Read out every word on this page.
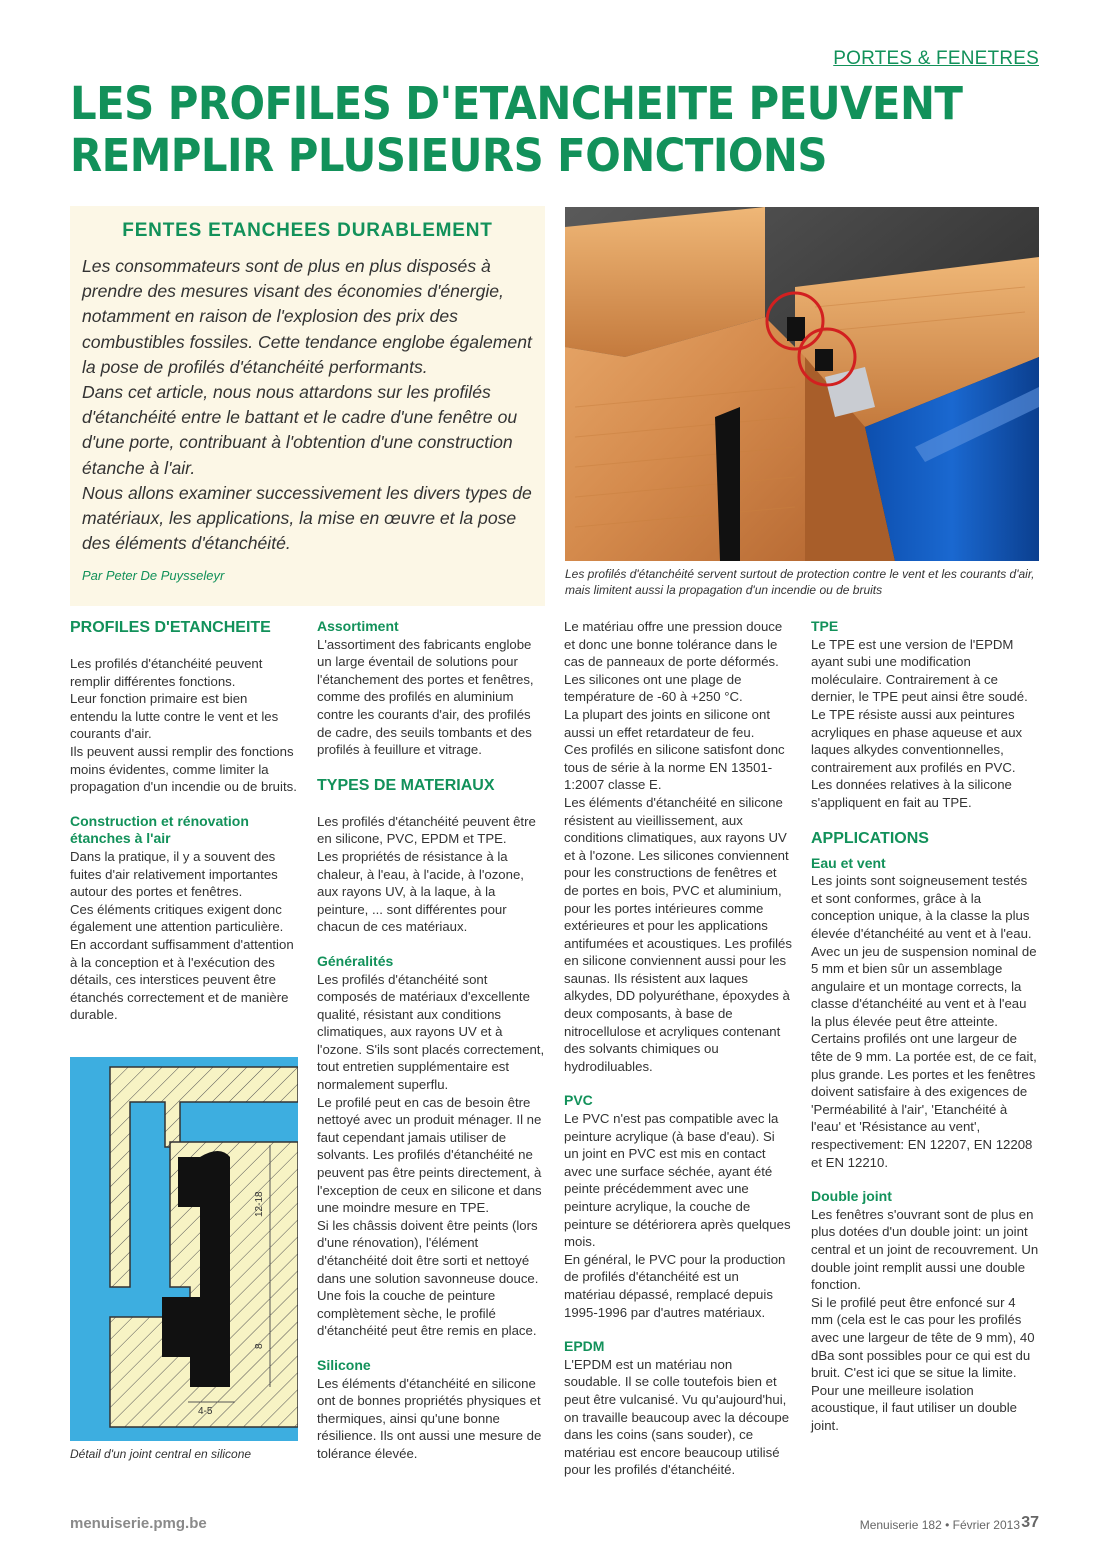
PORTES & FENETRES
LES PROFILES D'ETANCHEITE PEUVENT REMPLIR PLUSIEURS FONCTIONS
FENTES ETANCHEES DURABLEMENT

Les consommateurs sont de plus en plus disposés à prendre des mesures visant des économies d'énergie, notamment en raison de l'explosion des prix des combustibles fossiles. Cette tendance englobe également la pose de profilés d'étanchéité performants.

Dans cet article, nous nous attardons sur les profilés d'étanchéité entre le battant et le cadre d'une fenêtre ou d'une porte, contribuant à l'obtention d'une construction étanche à l'air.

Nous allons examiner successivement les divers types de matériaux, les applications, la mise en œuvre et la pose des éléments d'étanchéité.

Par Peter De Puysseleyr	Les profilés d'étanchéité servent surtout de protection contre le vent et les courants d'air, mais limitent aussi la propagation d'un incendie ou de bruits
PROFILES D'ETANCHEITE

Les profilés d'étanchéité peuvent remplir différentes fonctions.

Leur fonction primaire est bien entendu la lutte contre le vent et les courants d'air.

Ils peuvent aussi remplir des fonctions moins évidentes, comme limiter la propagation d'un incendie ou de bruits.

Construction et rénovation étanches à l'air

Dans la pratique, il y a souvent des fuites d'air relativement importantes autour des portes et fenêtres.

Ces éléments critiques exigent donc également une attention particulière.

En accordant suffisamment d'attention à la conception et à l'exécution des détails, ces interstices peuvent être étanchés correctement et de manière durable.

12-18
8
4-5
Détail d'un joint central en silicone
Assortiment

L'assortiment des fabricants englobe un large éventail de solutions pour l'étanchement des portes et fenêtres, comme des profilés en aluminium contre les courants d'air, des profilés de cadre, des seuils tombants et des profilés à feuillure et vitrage.

TYPES DE MATERIAUX

Les profilés d'étanchéité peuvent être en silicone, PVC, EPDM et TPE.

Les propriétés de résistance à la chaleur, à l'eau, à l'acide, à l'ozone, aux rayons UV, à la laque, à la peinture, ... sont différentes pour chacun de ces matériaux.

Généralités

Les profilés d'étanchéité sont composés de matériaux d'excellente qualité, résistant aux conditions climatiques, aux rayons UV et à l'ozone. S'ils sont placés correctement, tout entretien supplémentaire est normalement superflu.

Le profilé peut en cas de besoin être nettoyé avec un produit ménager. Il ne faut cependant jamais utiliser de solvants. Les profilés d'étanchéité ne peuvent pas être peints directement, à l'exception de ceux en silicone et dans une moindre mesure en TPE.

Si les châssis doivent être peints (lors d'une rénovation), l'élément d'étanchéité doit être sorti et nettoyé dans une solution savonneuse douce. Une fois la couche de peinture complètement sèche, le profilé d'étanchéité peut être remis en place.

Silicone

Les éléments d'étanchéité en silicone ont de bonnes propriétés physiques et thermiques, ainsi qu'une bonne résilience. Ils ont aussi une mesure de tolérance élevée.

Le matériau offre une pression douce et donc une bonne tolérance dans le cas de panneaux de porte déformés.

Les silicones ont une plage de température de -60 à +250 °C.

La plupart des joints en silicone ont aussi un effet retardateur de feu.

Ces profilés en silicone satisfont donc tous de série à la norme EN 13501-1:2007 classe E.

Les éléments d'étanchéité en silicone résistent au vieillissement, aux conditions climatiques, aux rayons UV et à l'ozone. Les silicones conviennent pour les constructions de fenêtres et de portes en bois, PVC et aluminium, pour les portes intérieures comme extérieures et pour les applications antifumées et acoustiques. Les profilés en silicone conviennent aussi pour les saunas. Ils résistent aux laques alkydes, DD polyuréthane, époxydes à deux composants, à base de nitrocellulose et acryliques contenant des solvants chimiques ou hydrodiluables.

PVC

Le PVC n'est pas compatible avec la peinture acrylique (à base d'eau). Si un joint en PVC est mis en contact avec une surface séchée, ayant été peinte précédemment avec une peinture acrylique, la couche de peinture se détériorera après quelques mois.

En général, le PVC pour la production de profilés d'étanchéité est un matériau dépassé, remplacé depuis 1995-1996 par d'autres matériaux.

EPDM

L'EPDM est un matériau non soudable. Il se colle toutefois bien et peut être vulcanisé. Vu qu'aujourd'hui, on travaille beaucoup avec la découpe dans les coins (sans souder), ce matériau est encore beaucoup utilisé pour les profilés d'étanchéité.

TPE

Le TPE est une version de l'EPDM ayant subi une modification moléculaire. Contrairement à ce dernier, le TPE peut ainsi être soudé.

Le TPE résiste aussi aux peintures acryliques en phase aqueuse et aux laques alkydes conventionnelles, contrairement aux profilés en PVC. Les données relatives à la silicone s'appliquent en fait au TPE.

APPLICATIONS
Eau et vent

Les joints sont soigneusement testés et sont conformes, grâce à la conception unique, à la classe la plus élevée d'étanchéité au vent et à l'eau.

Avec un jeu de suspension nominal de 5 mm et bien sûr un assemblage angulaire et un montage corrects, la classe d'étanchéité au vent et à l'eau la plus élevée peut être atteinte.

Certains profilés ont une largeur de tête de 9 mm. La portée est, de ce fait, plus grande. Les portes et les fenêtres doivent satisfaire à des exigences de 'Perméabilité à l'air', 'Etanchéité à l'eau' et 'Résistance au vent', respectivement: EN 12207, EN 12208 et EN 12210.

Double joint

Les fenêtres s'ouvrant sont de plus en plus dotées d'un double joint: un joint central et un joint de recouvrement. Un double joint remplit aussi une double fonction.

Si le profilé peut être enfoncé sur 4 mm (cela est le cas pour les profilés avec une largeur de tête de 9 mm), 40 dBa sont possibles pour ce qui est du bruit. C'est ici que se situe la limite. Pour une meilleure isolation acoustique, il faut utiliser un double joint.

menuiserie.pmg.be	Menuiserie 182 • Février 2013 37
